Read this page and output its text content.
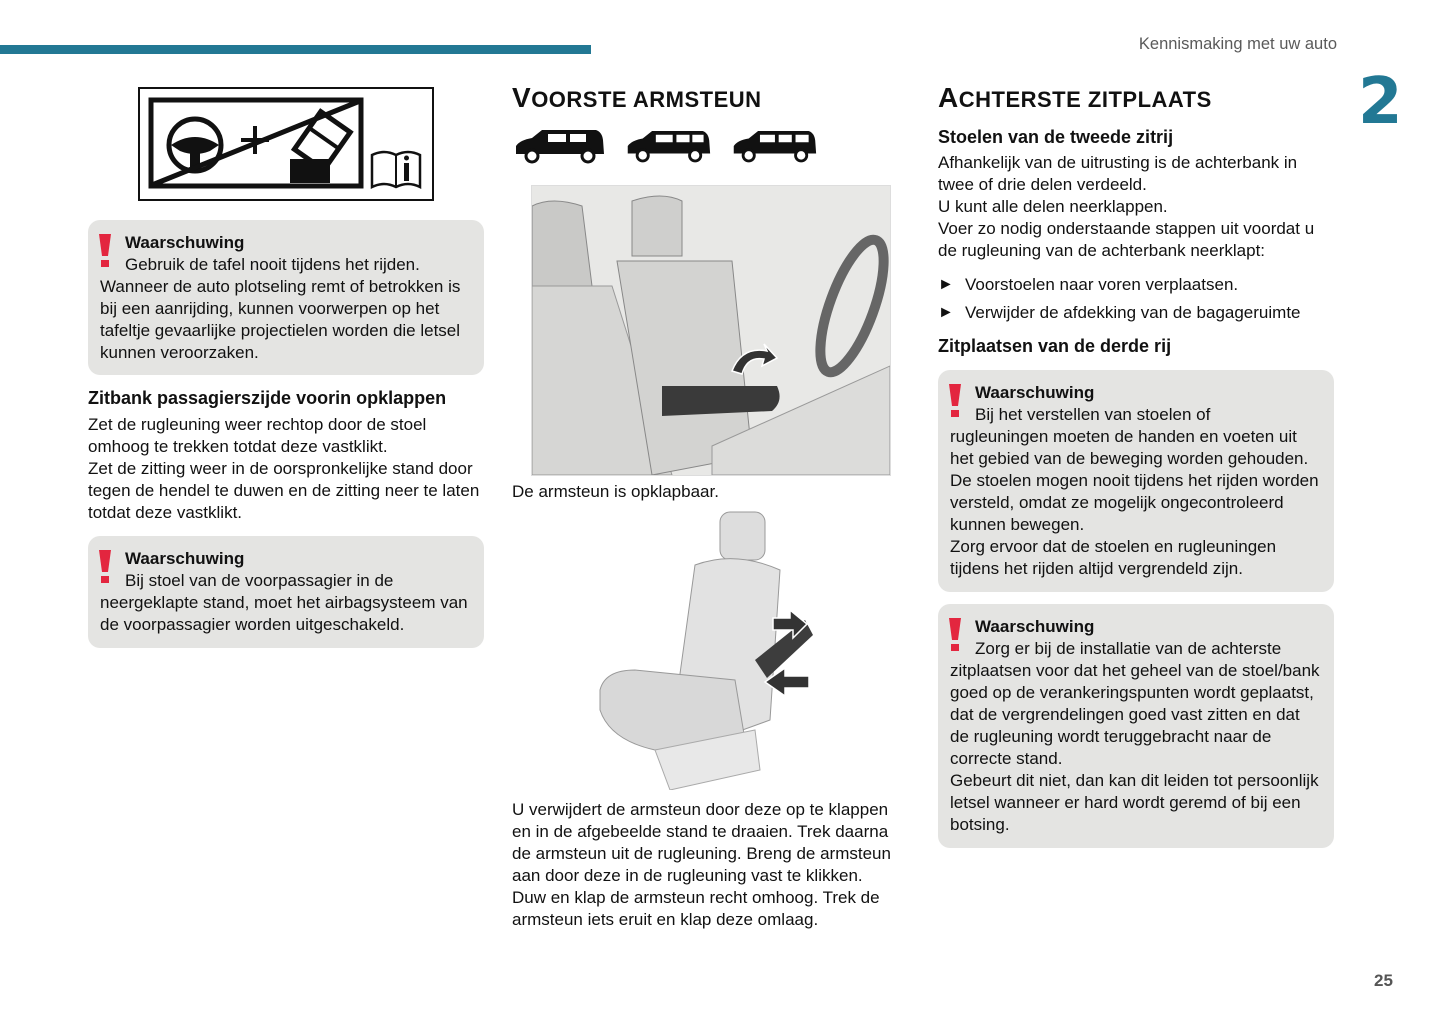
Kennismaking met uw auto
2
Waarschuwing
Gebruik de tafel nooit tijdens het rijden.
Wanneer de auto plotseling remt of betrokken is bij een aanrijding, kunnen voorwerpen op het tafeltje gevaarlijke projectielen worden die letsel kunnen veroorzaken.
Zitbank passagierszijde voorin opklappen
Zet de rugleuning weer rechtop door de stoel omhoog te trekken totdat deze vastklikt.
Zet de zitting weer in de oorspronkelijke stand door tegen de hendel te duwen en de zitting neer te laten totdat deze vastklikt.
Waarschuwing
Bij stoel van de voorpassagier in de
neergeklapte stand, moet het airbagsysteem van de voorpassagier worden uitgeschakeld.
VOORSTE ARMSTEUN
De armsteun is opklapbaar.
U verwijdert de armsteun door deze op te klappen en in de afgebeelde stand te draaien. Trek daarna de armsteun uit de rugleuning. Breng de armsteun aan door deze in de rugleuning vast te klikken. Duw en klap de armsteun recht omhoog. Trek de armsteun iets eruit en klap deze omlaag.
ACHTERSTE ZITPLAATS
Stoelen van de tweede zitrij
Afhankelijk van de uitrusting is de achterbank in twee of drie delen verdeeld.
U kunt alle delen neerklappen.
Voer zo nodig onderstaande stappen uit voordat u de rugleuning van de achterbank neerklapt:
► Voorstoelen naar voren verplaatsen.
► Verwijder de afdekking van de bagageruimte
Zitplaatsen van de derde rij
Waarschuwing
Bij het verstellen van stoelen of
rugleuningen moeten de handen en voeten uit het gebied van de beweging worden gehouden.
De stoelen mogen nooit tijdens het rijden worden versteld, omdat ze mogelijk ongecontroleerd kunnen bewegen.
Zorg ervoor dat de stoelen en rugleuningen tijdens het rijden altijd vergrendeld zijn.
Waarschuwing
Zorg er bij de installatie van de achterste
zitplaatsen voor dat het geheel van de stoel/bank goed op de verankeringspunten wordt geplaatst, dat de vergrendelingen goed vast zitten en dat de rugleuning wordt teruggebracht naar de correcte stand.
Gebeurt dit niet, dan kan dit leiden tot persoonlijk letsel wanneer er hard wordt geremd of bij een botsing.
25
